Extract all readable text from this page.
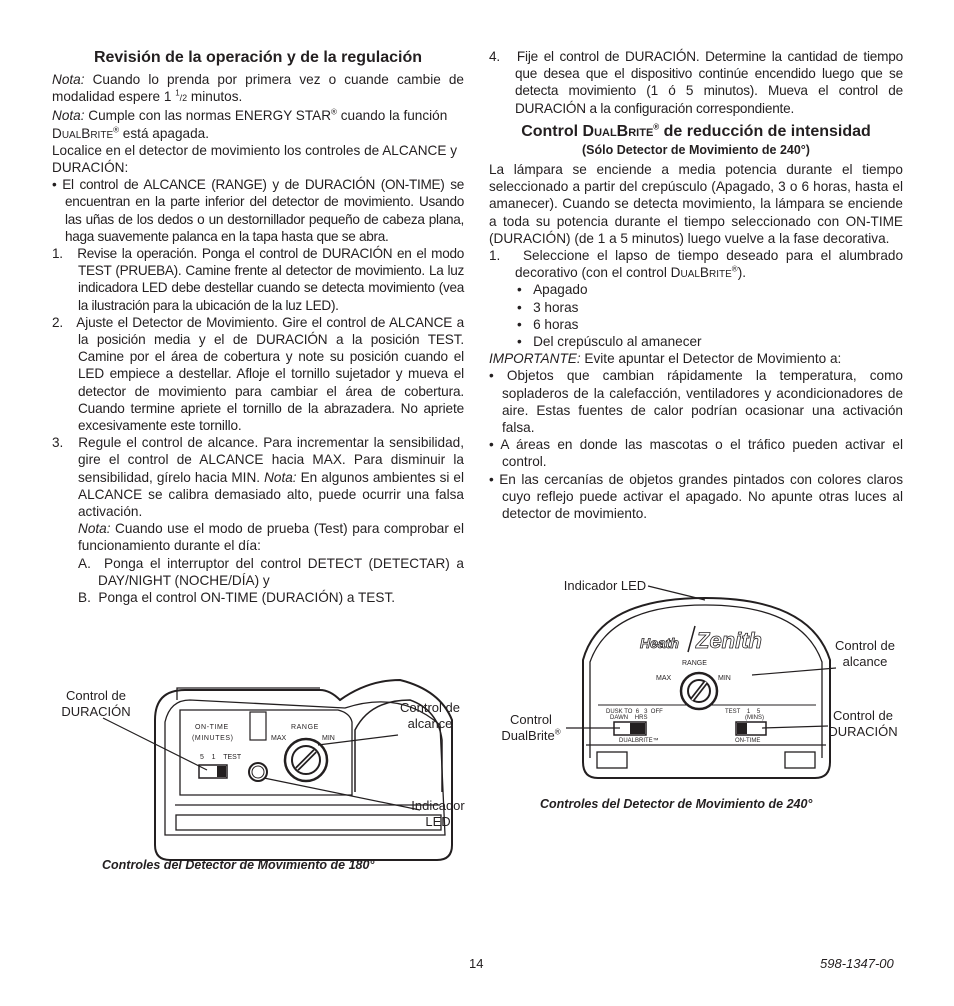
Revisión de la operación y de la regulación

Nota: Cuando lo prenda por primera vez o cuande cambie de modalidad espere 1 $^1$/2 minutos.

Nota: Cumple con las normas ENERGY STAR® cuando la función DualBrite® está apagada.

Localice en el detector de movimiento los controles de ALCANCE y DURACIÓN:

• El control de ALCANCE (RANGE) y de DURACIÓN (ON-TIME) se encuentran en la parte inferior del detector de movimiento. Usando las uñas de los dedos o un destornillador pequeño de cabeza plana, haga suavemente palanca en la tapa hasta que se abra.

1.   Revise la operación. Ponga el control de DURACIÓN en el modo TEST (PRUEBA). Camine frente al detector de movimiento. La luz indicadora LED debe destellar cuando se detecta movimiento (vea la ilustración para la ubicación de la luz LED).

2.   Ajuste el Detector de Movimiento. Gire el control de ALCANCE a la posición media y el de DURACIÓN a la posición TEST. Camine por el área de cobertura y note su posición cuando el LED empiece a destellar. Afloje el tornillo sujetador y mueva el detector de movimiento para cambiar el área de cobertura. Cuando termine apriete el tornillo de la abrazadera. No apriete excesivamente este tornillo.

3.   Regule el control de alcance. Para incrementar la sensibilidad, gire el control de ALCANCE hacia MAX. Para disminuir la sensibilidad, gírelo hacia MIN. Nota: En algunos ambientes si el ALCANCE se calibra demasiado alto, puede ocurrir una falsa activación.

Nota: Cuando use el modo de prueba (Test) para comprobar el funcionamiento durante el día:

A.  Ponga el interruptor del control DETECT (DETECTAR) a DAY/NIGHT (NOCHE/DÍA) y

B.  Ponga el control ON-TIME (DURACIÓN) a TEST.

4.   Fije el control de DURACIÓN. Determine la cantidad de tiempo que desea que el dispositivo continúe encendido luego que se detecta movimiento (1 ó 5 minutos). Mueva el control de DURACIÓN a la configuración correspondiente.

Control DualBrite® de reducción de intensidad
(Sólo Detector de Movimiento de 240°)

La lámpara se enciende a media potencia durante el tiempo seleccionado a partir del crepúsculo (Apagado, 3 o 6 horas, hasta el amanecer). Cuando se detecta movimiento, la lámpara se enciende a toda su potencia durante el tiempo seleccionado con ON-TIME (DURACIÓN) (de 1 a 5 minutos) luego vuelve a la fase decorativa.

1.   Seleccione el lapso de tiempo deseado para el alumbrado decorativo (con el control DualBrite®).

•   Apagado

•   3 horas

•   6 horas

•   Del crepúsculo al amanecer

IMPORTANTE: Evite apuntar el Detector de Movimiento a:

• Objetos que cambian rápidamente la temperatura, como sopladeros de la calefacción, ventiladores y acondicionadores de aire. Estas fuentes de calor podrían ocasionar una activación falsa.

• A áreas en donde las mascotas o el tráfico pueden activar el control.

• En las cercanías de objetos grandes pintados con colores claros cuyo reflejo puede activar el apagado. No apunte otras luces al detector de movimiento.

ON-TIME
(MINUTES)
RANGE
MAX	MIN
5    1    TEST
Heath Zenith
RANGE
MAX	MIN
DUSK TO  6   3  OFF
DAWN    HRS
DUALBRITE™
TEST    1    5
(MINS)
ON-TIME
Control de
DURACIÓN	Control de
alcance
Indicador
LED
Controles del Detector de Movimiento de 180°
Indicador LED
Control de
alcance
Control
DualBrite®
Control de
DURACIÓN
Controles del Detector de Movimiento de 240°
14	598-1347-00
